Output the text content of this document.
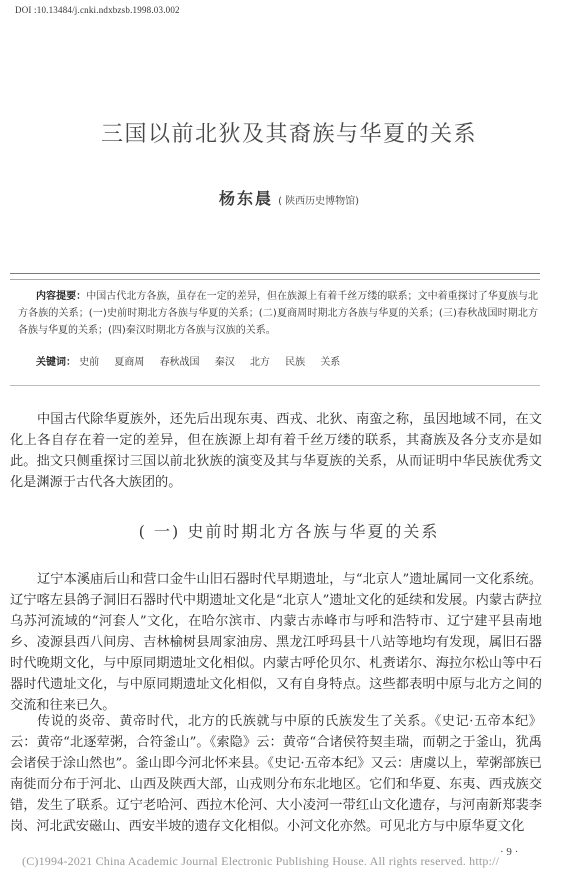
DOI :10.13484/j.cnki.ndxbzsb.1998.03.002
三国以前北狄及其裔族与华夏的关系
杨东晨 ( 陕西历史博物馆)

内容提要：中国古代北方各族，虽存在一定的差异，但在族源上有着千丝万缕的联系；文中着重探讨了华夏族与北方各族的关系；(一)史前时期北方各族与华夏的关系；(二)夏商周时期北方各族与华夏的关系；(三)春秋战国时期北方各族与华夏的关系；(四)秦汉时期北方各族与汉族的关系。

关键词： 史前 夏商周 春秋战国 秦汉 北方 民族 关系

中国古代除华夏族外，还先后出现东夷、西戎、北狄、南蛮之称，虽因地域不同，在文化上各自存在着一定的差异，但在族源上却有着千丝万缕的联系，其裔族及各分支亦是如此。拙文只侧重探讨三国以前北狄族的演变及其与华夏族的关系，从而证明中华民族优秀文化是渊源于古代各大族团的。

( 一) 史前时期北方各族与华夏的关系

辽宁本溪庙后山和营口金牛山旧石器时代早期遗址，与“北京人”遗址属同一文化系统。辽宁喀左县鸽子洞旧石器时代中期遗址文化是“北京人”遗址文化的延续和发展。内蒙古萨拉乌苏河流域的“河套人”文化，在哈尔滨市、内蒙古赤峰市与呼和浩特市、辽宁建平县南地乡、凌源县西八间房、吉林榆树县周家油房、黑龙江呼玛县十八站等地均有发现，属旧石器时代晚期文化，与中原同期遗址文化相似。内蒙古呼伦贝尔、札赉诺尔、海拉尔松山等中石器时代遗址文化，与中原同期遗址文化相似，又有自身特点。这些都表明中原与北方之间的交流和往来已久。

传说的炎帝、黄帝时代，北方的氏族就与中原的氏族发生了关系。《史记·五帝本纪》云：黄帝“北逐荤粥，合符釜山”。《索隐》云：黄帝“合诸侯符契圭瑞，而朝之于釜山，犹禹会诸侯于涂山然也”。釜山即今河北怀来县。《史记·五帝本纪》又云：唐虞以上，荤粥部族已南徙而分布于河北、山西及陕西大部，山戎则分布东北地区。它们和华夏、东夷、西戎族交错，发生了联系。辽宁老哈河、西拉木伦河、大小凌河一带红山文化遗存，与河南新郑裴李岗、河北武安磁山、西安半坡的遗存文化相似。小河文化亦然。可见北方与中原华夏文化

· 9 ·
(C)1994-2021 China Academic Journal Electronic Publishing House. All rights reserved. http://
